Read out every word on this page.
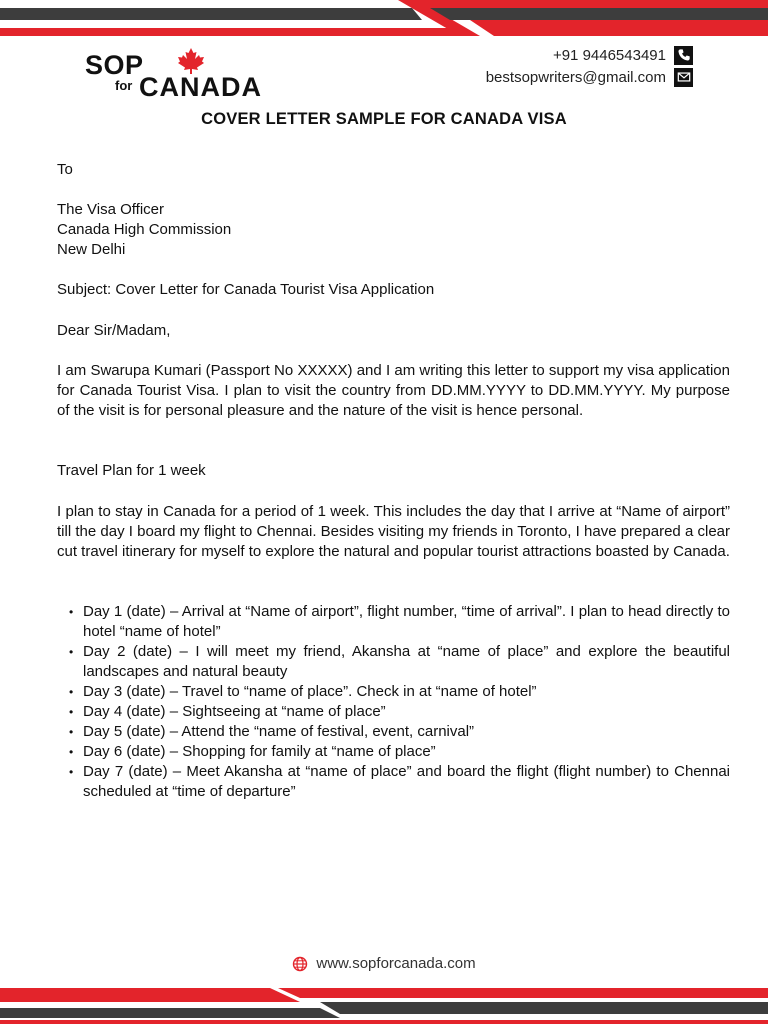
SOP
for CANADA
+91 9446543491
bestsopwriters@gmail.com
COVER LETTER SAMPLE FOR CANADA VISA
To
The Visa Officer
Canada High Commission
New Delhi
Subject: Cover Letter for Canada Tourist Visa Application
Dear Sir/Madam,
I am Swarupa Kumari (Passport No XXXXX) and I am writing this letter to support my visa application for Canada Tourist Visa. I plan to visit the country from DD.MM.YYYY to DD.MM.YYYY. My purpose of the visit is for personal pleasure and the nature of the visit is hence personal.
Travel Plan for 1 week
I plan to stay in Canada for a period of 1 week. This includes the day that I arrive at “Name of airport” till the day I board my flight to Chennai. Besides visiting my friends in Toronto, I have prepared a clear cut travel itinerary for myself to explore the natural and popular tourist attractions boasted by Canada.
• Day 1 (date) – Arrival at “Name of airport”, flight number, “time of arrival”. I plan to head directly to hotel “name of hotel”
• Day 2 (date) – I will meet my friend, Akansha at “name of place” and explore the beautiful landscapes and natural beauty
• Day 3 (date) – Travel to “name of place”. Check in at “name of hotel”
• Day 4 (date) – Sightseeing at “name of place”
• Day 5 (date) – Attend the “name of festival, event, carnival”
• Day 6 (date) – Shopping for family at “name of place”
• Day 7 (date) – Meet Akansha at “name of place” and board the flight (flight number) to Chennai scheduled at “time of departure”
www.sopforcanada.com
